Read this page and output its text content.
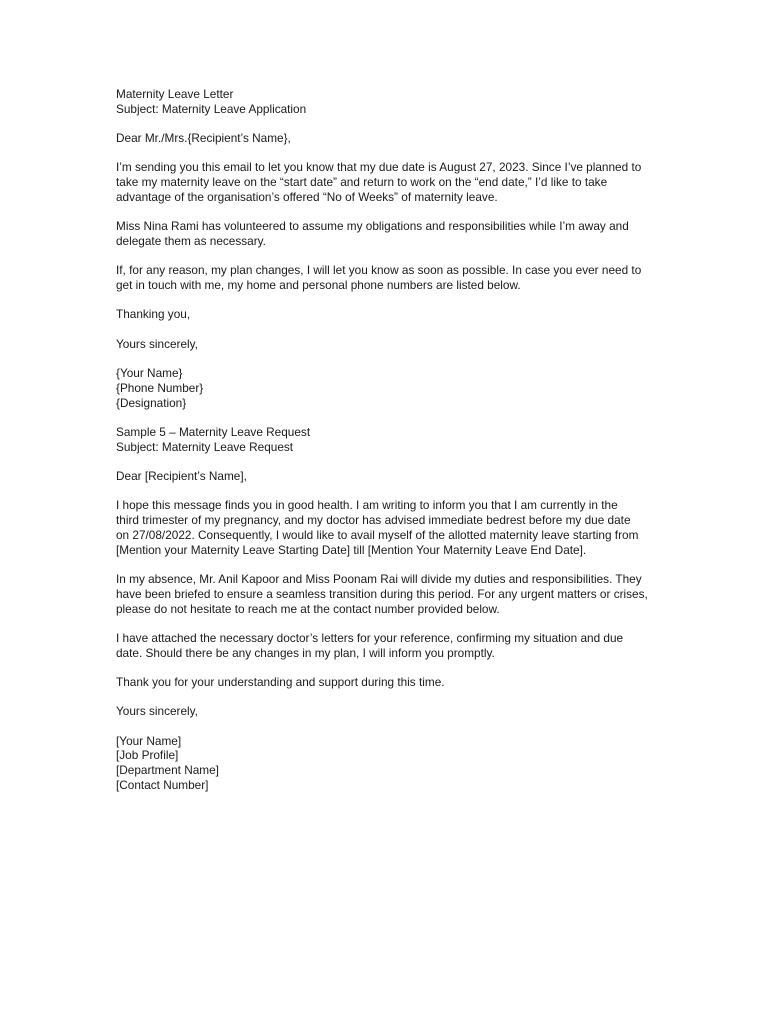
Maternity Leave Letter
Subject: Maternity Leave Application
Dear Mr./Mrs.{Recipient’s Name},

I’m sending you this email to let you know that my due date is August 27, 2023. Since I’ve planned to
take my maternity leave on the “start date” and return to work on the “end date,” I’d like to take
advantage of the organisation’s offered “No of Weeks” of maternity leave.

Miss Nina Rami has volunteered to assume my obligations and responsibilities while I’m away and
delegate them as necessary.

If, for any reason, my plan changes, I will let you know as soon as possible. In case you ever need to
get in touch with me, my home and personal phone numbers are listed below.

Thanking you,
Yours sincerely,
{Your Name}
{Phone Number}
{Designation}
Sample 5 – Maternity Leave Request
Subject: Maternity Leave Request
Dear [Recipient’s Name],

I hope this message finds you in good health. I am writing to inform you that I am currently in the
third trimester of my pregnancy, and my doctor has advised immediate bedrest before my due date
on 27/08/2022. Consequently, I would like to avail myself of the allotted maternity leave starting from
[Mention your Maternity Leave Starting Date] till [Mention Your Maternity Leave End Date].

In my absence, Mr. Anil Kapoor and Miss Poonam Rai will divide my duties and responsibilities. They
have been briefed to ensure a seamless transition during this period. For any urgent matters or crises,
please do not hesitate to reach me at the contact number provided below.

I have attached the necessary doctor’s letters for your reference, confirming my situation and due
date. Should there be any changes in my plan, I will inform you promptly.

Thank you for your understanding and support during this time.
Yours sincerely,
[Your Name]
[Job Profile]
[Department Name]
[Contact Number]
